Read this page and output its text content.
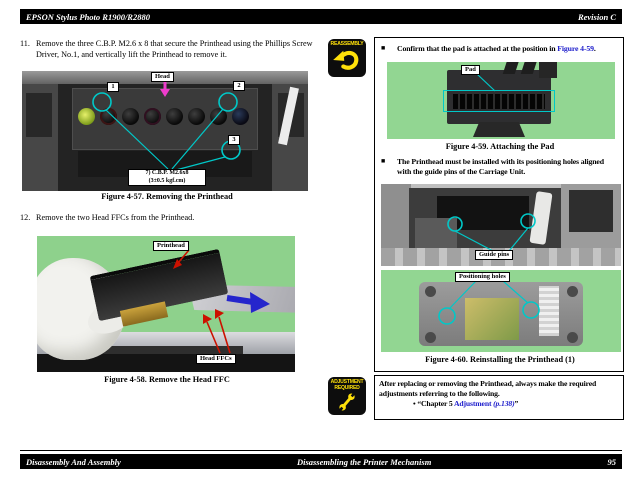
EPSON Stylus Photo R1900/R2880	Revision C
11. Remove the three C.B.P. M2.6 x 8 that secure the Printhead using the Phillips Screw Driver, No.1, and vertically lift the Printhead to remove it.
Head
1	2
3
7) C.B.P. M2.6x8
(3±0.5 kgf.cm)
Figure 4-57. Removing the Printhead
12. Remove the two Head FFCs from the Printhead.
Printhead
Head FFCs
Figure 4-58. Remove the Head FFC
REASSEMBLY	■	Confirm that the pad is attached at the position in Figure 4-59.
Pad
Figure 4-59. Attaching the Pad
■	The Printhead must be installed with its positioning holes aligned with the guide pins of the Carriage Unit.
Guide pins
Positioning holes
Figure 4-60. Reinstalling the Printhead (1)
ADJUSTMENT
REQUIRED	After replacing or removing the Printhead, always make the required adjustments referring to the following.
• “Chapter 5 Adjustment (p.138)”
Disassembly And Assembly	Disassembling the Printer Mechanism	95
